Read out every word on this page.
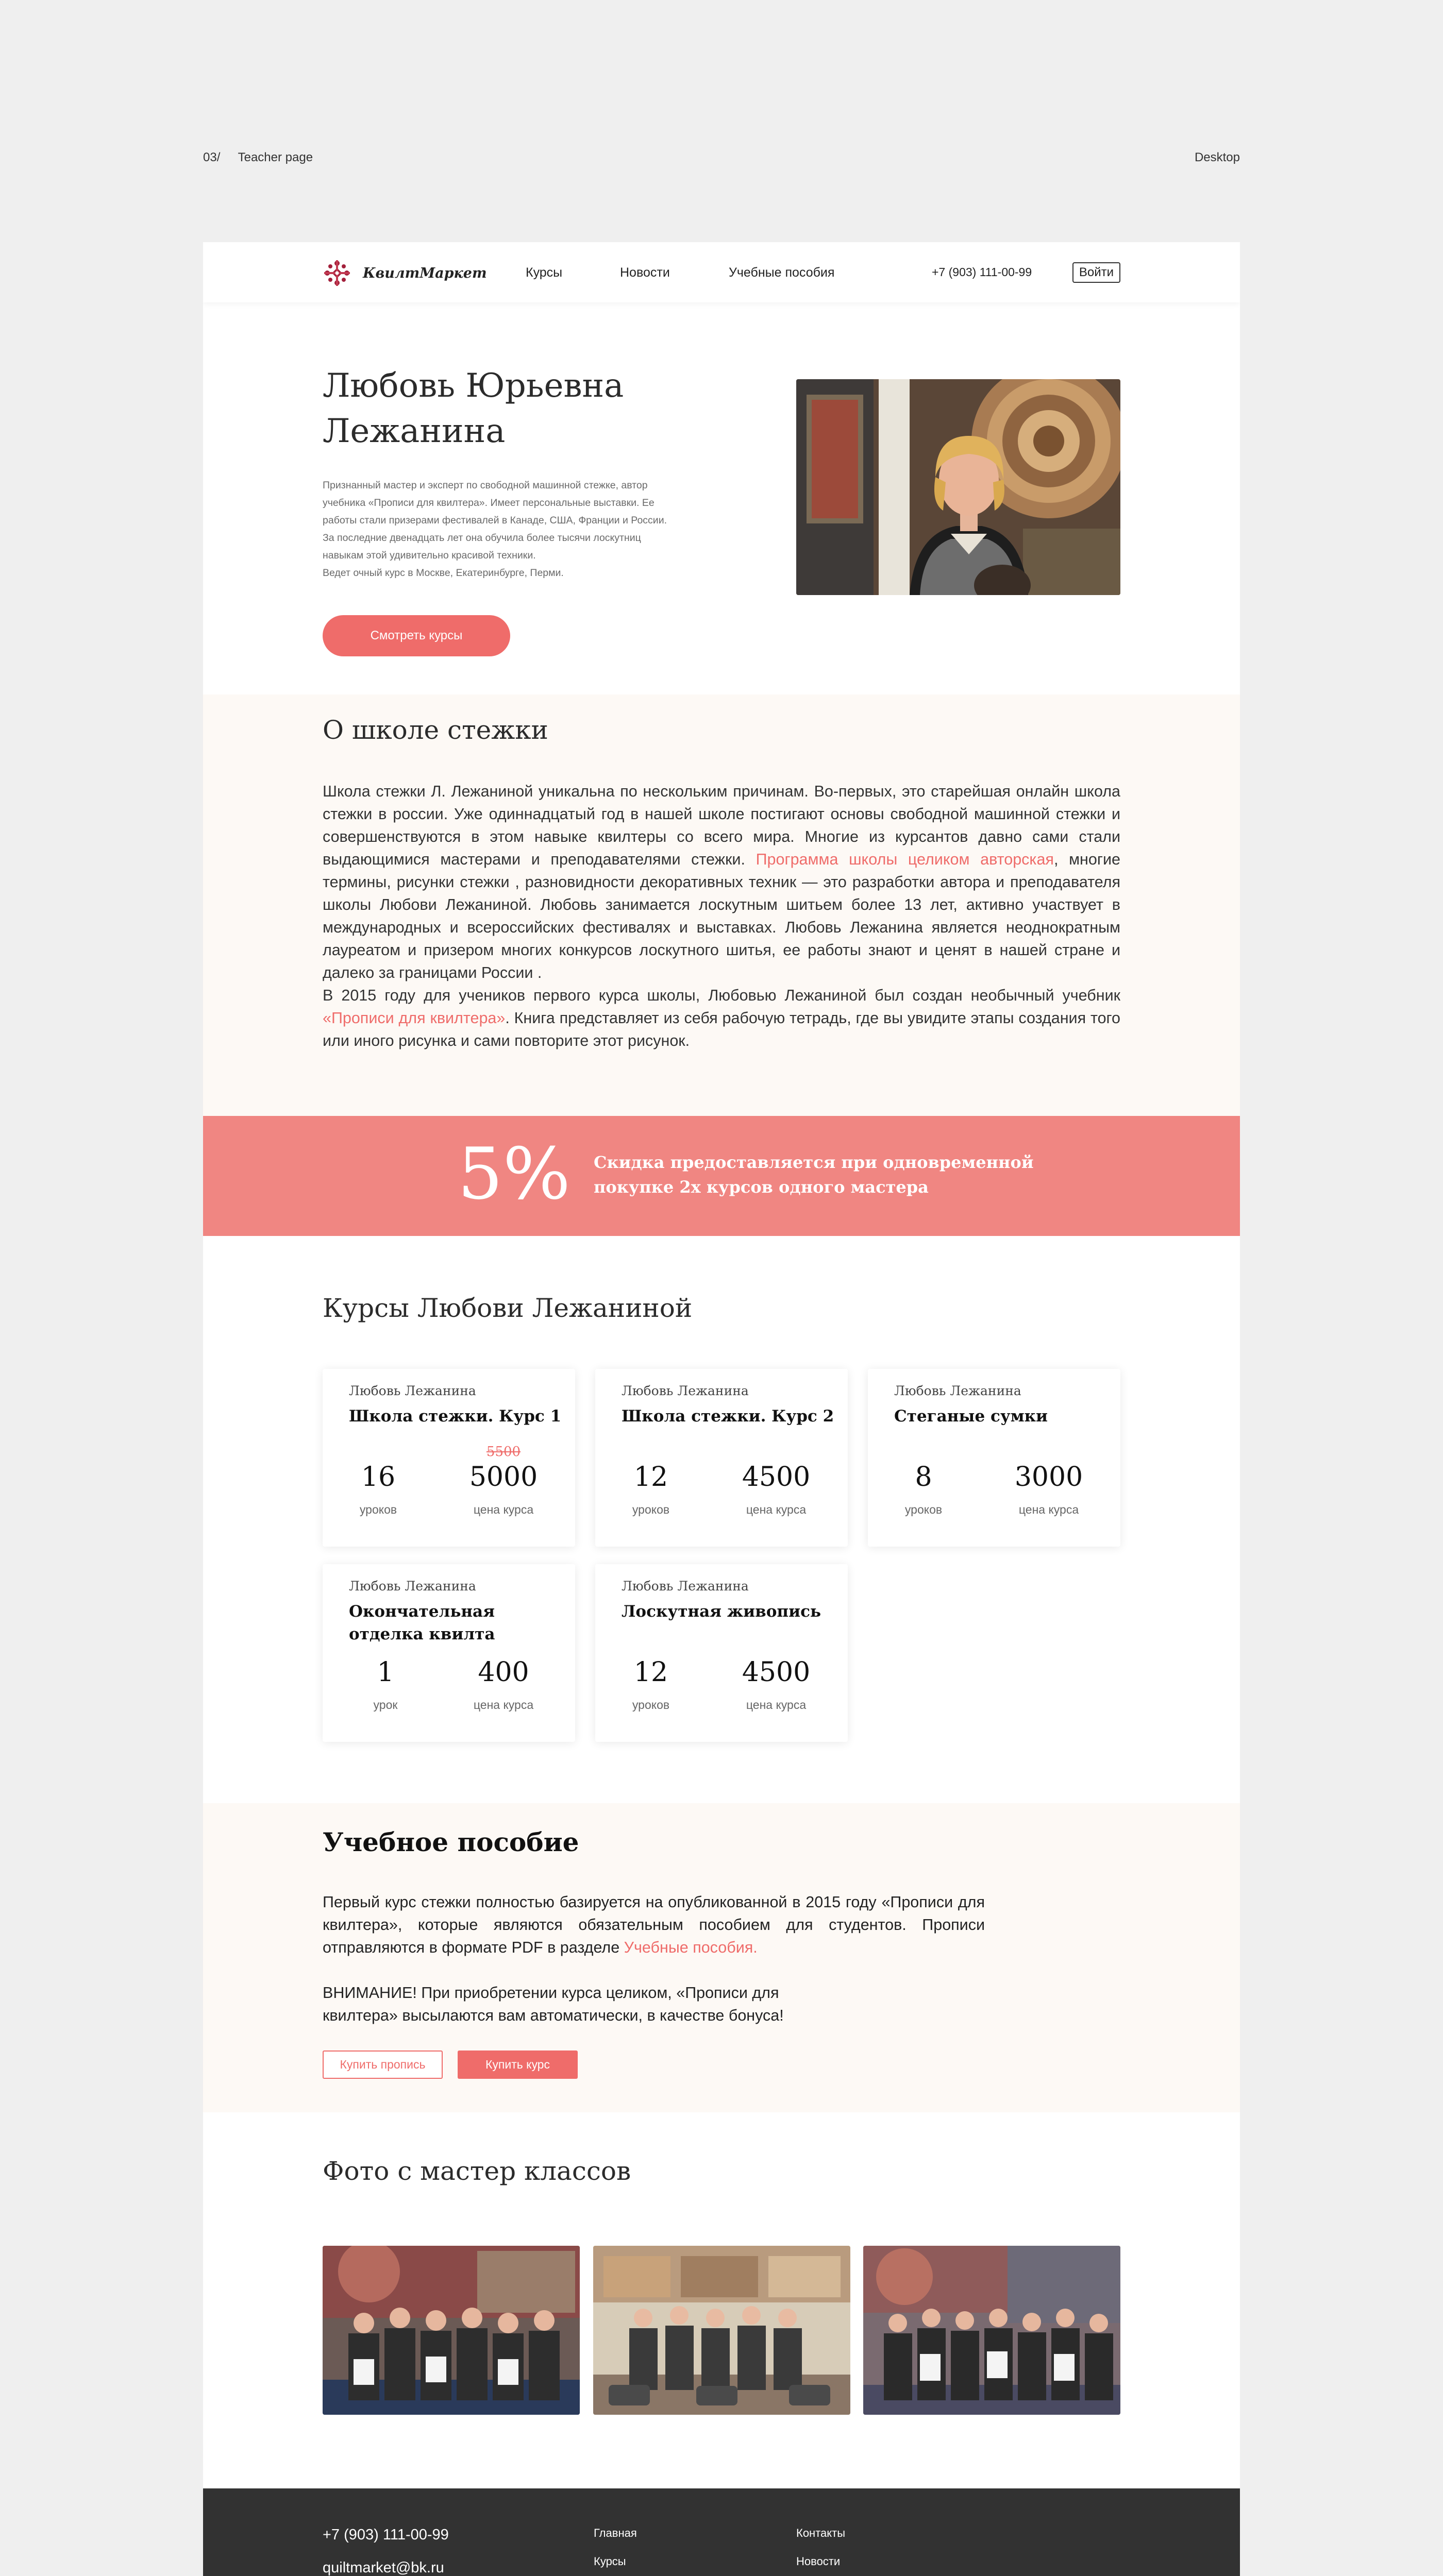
03/ Teacher page	Desktop
КвилтМаркет	Курсы	Новости	Учебные пособия	+7 (903) 111-00-99	Войти
Любовь Юрьевна
Лежанина
Признанный мастер и эксперт по свободной машинной стежке, автор
учебника «Прописи для квилтера». Имеет персональные выставки. Ее
работы стали призерами фестивалей в Канаде, США, Франции и России.
За последние двенадцать лет она обучила более тысячи лоскутниц
навыкам этой удивительно красивой техники.
Ведет очный курс в Москве, Екатеринбурге, Перми.
Смотреть курсы
О школе стежки

Школа стежки Л. Лежаниной уникальна по нескольким причинам. Во-первых, это старейшая онлайн школа стежки в россии. Уже одиннадцатый год в нашей школе постигают основы свободной машинной стежки и совершенствуются в этом навыке квилтеры со всего мира. Многие из курсантов давно сами стали выдающимися мастерами и преподавателями стежки. Программа школы целиком авторская, многие термины, рисунки стежки , разновидности декоративных техник — это разработки автора и преподавателя школы Любови Лежаниной. Любовь занимается лоскутным шитьем более 13 лет, активно участвует в международных и всероссийских фестивалях и выставках. Любовь Лежанина является неоднократным лауреатом и призером многих конкурсов лоскутного шитья, ее работы знают и ценят в нашей стране и далеко за границами России .

В 2015 году для учеников первого курса школы, Любовью Лежаниной был создан необычный учебник «Прописи для квилтера». Книга представляет из себя рабочую тетрадь, где вы увидите этапы создания того или иного рисунка и сами повторите этот рисунок.

5% Скидка предоставляется при одновременной
покупке 2х курсов одного мастера
Курсы Любови Лежаниной
Любовь Лежанина
Школа стежки. Курс 1
5500
16
уроков
5000
цена курса
Любовь Лежанина
Школа стежки. Курс 2
12
уроков
4500
цена курса
Любовь Лежанина
Стеганые сумки
8
уроков
3000
цена курса
Любовь Лежанина
Окончательная отделка квилта
1
урок
400
цена курса
Любовь Лежанина
Лоскутная живопись
12
уроков
4500
цена курса
Учебное пособие
Первый курс стежки полностью базируется на опубликованной в 2015 году «Прописи для квилтера», которые являются обязательным пособием для студентов. Прописи отправляются в формате PDF в разделе Учебные пособия.
ВНИМАНИЕ! При приобретении курса целиком, «Прописи для квилтера» высылаются вам автоматически, в качестве бонуса!
Купить пропись	Купить курс
Фото с мастер классов
+7 (903) 111-00-99
quiltmarket@bk.ru
Главная
Курсы
Контакты
Новости
